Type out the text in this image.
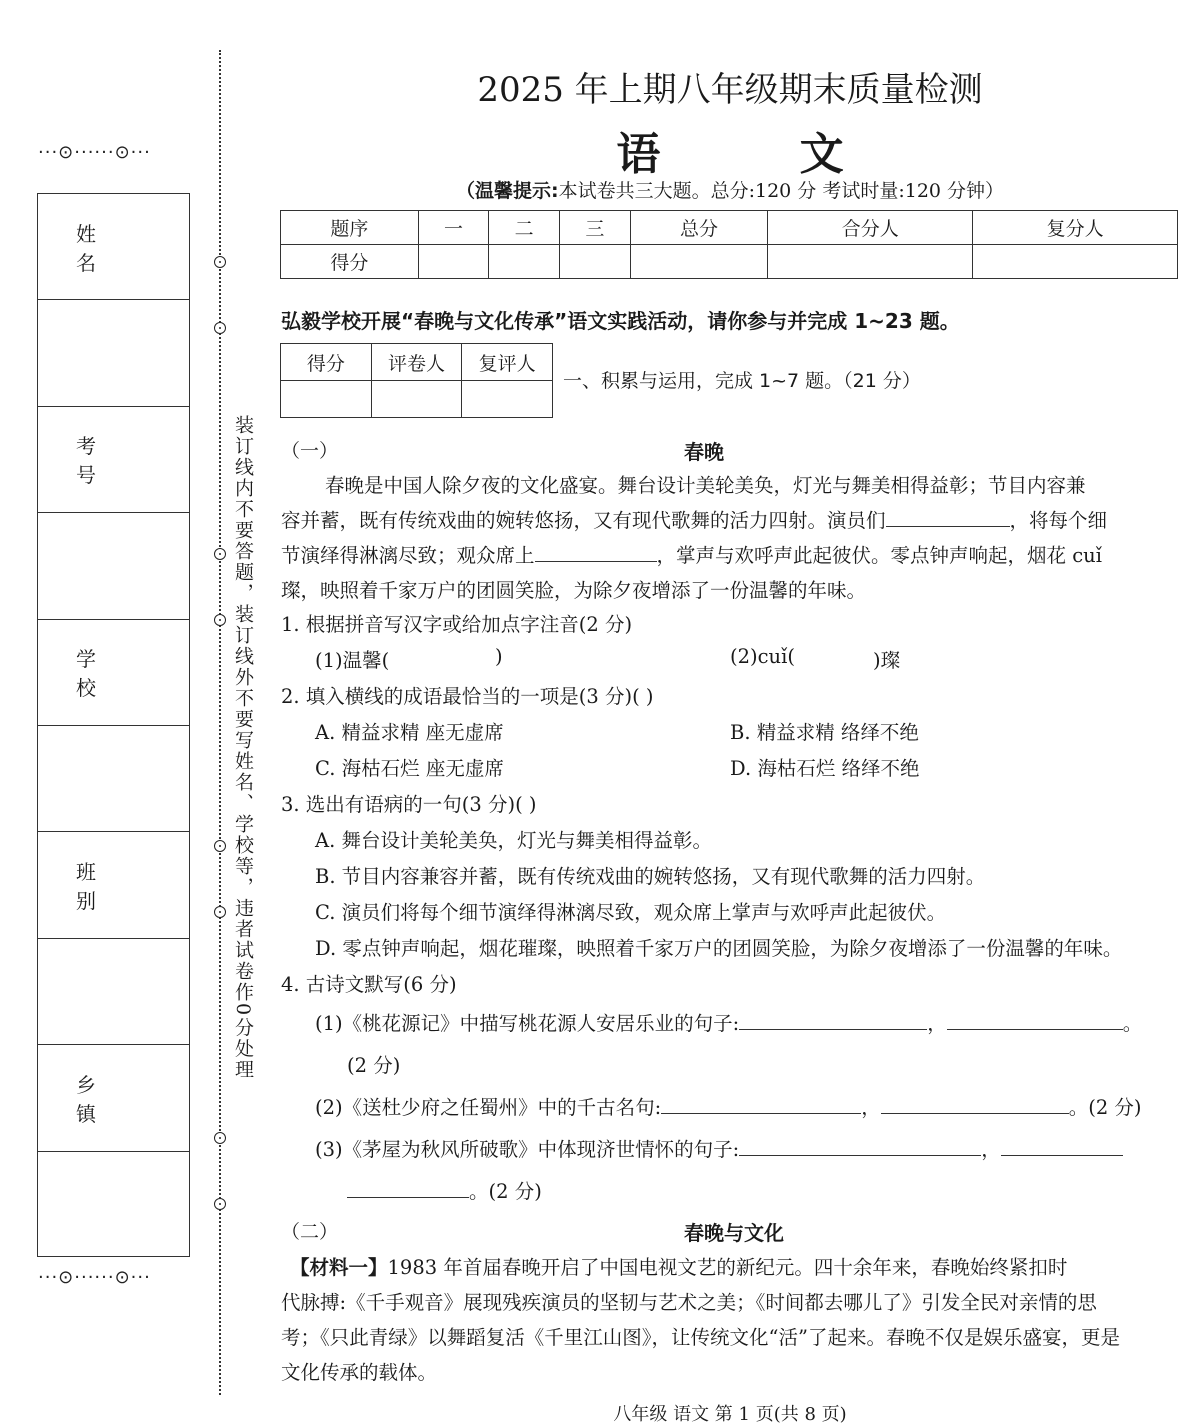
···⊙······⊙···
姓 名
考 号
学 校
班 别
乡 镇
···⊙······⊙···
装订线内不要答题，装订线外不要写姓名、学校等，违者试卷作0分处理
2025 年上期八年级期末质量检测
语 文
（温馨提示:本试卷共三大题。总分:120 分 考试时量:120 分钟）
题序	一	二	三	总分	合分人	复分人
得分						
弘毅学校开展“春晚与文化传承”语文实践活动，请你参与并完成 1~23 题。
得分	评卷人	复评人

一、积累与运用，完成 1~7 题。（21 分）
（一）	春晚
春晚是中国人除夕夜的文化盛宴。舞台设计美轮美奂，灯光与舞美相得益彰；节目内容兼
容并蓄，既有传统戏曲的婉转悠扬，又有现代歌舞的活力四射。演员们	，将每个细
节演绎得淋漓尽致；观众席上	，掌声与欢呼声此起彼伏。零点钟声响起，烟花 cuǐ
璨，映照着千家万户的团圆笑脸，为除夕夜增添了一份温馨的年味。
1. 根据拼音写汉字或给加点字注音(2 分)
(1)温馨(	)	(2)cuǐ(	)璨
2. 填入横线的成语最恰当的一项是(3 分)( )
A. 精益求精 座无虚席	B. 精益求精 络绎不绝
C. 海枯石烂 座无虚席	D. 海枯石烂 络绎不绝
3. 选出有语病的一句(3 分)( )
A. 舞台设计美轮美奂，灯光与舞美相得益彰。
B. 节目内容兼容并蓄，既有传统戏曲的婉转悠扬，又有现代歌舞的活力四射。
C. 演员们将每个细节演绎得淋漓尽致，观众席上掌声与欢呼声此起彼伏。
D. 零点钟声响起，烟花璀璨，映照着千家万户的团圆笑脸，为除夕夜增添了一份温馨的年味。
4. 古诗文默写(6 分)
(1)《桃花源记》中描写桃花源人安居乐业的句子:	，	。
(2 分)
(2)《送杜少府之任蜀州》中的千古名句:	，	。(2 分)
(3)《茅屋为秋风所破歌》中体现济世情怀的句子:	，
。(2 分)
（二）	春晚与文化
【材料一】1983 年首届春晚开启了中国电视文艺的新纪元。四十余年来，春晚始终紧扣时
代脉搏:《千手观音》展现残疾演员的坚韧与艺术之美；《时间都去哪儿了》引发全民对亲情的思
考；《只此青绿》以舞蹈复活《千里江山图》，让传统文化“活”了起来。春晚不仅是娱乐盛宴，更是
文化传承的载体。
八年级 语文 第 1 页(共 8 页)
